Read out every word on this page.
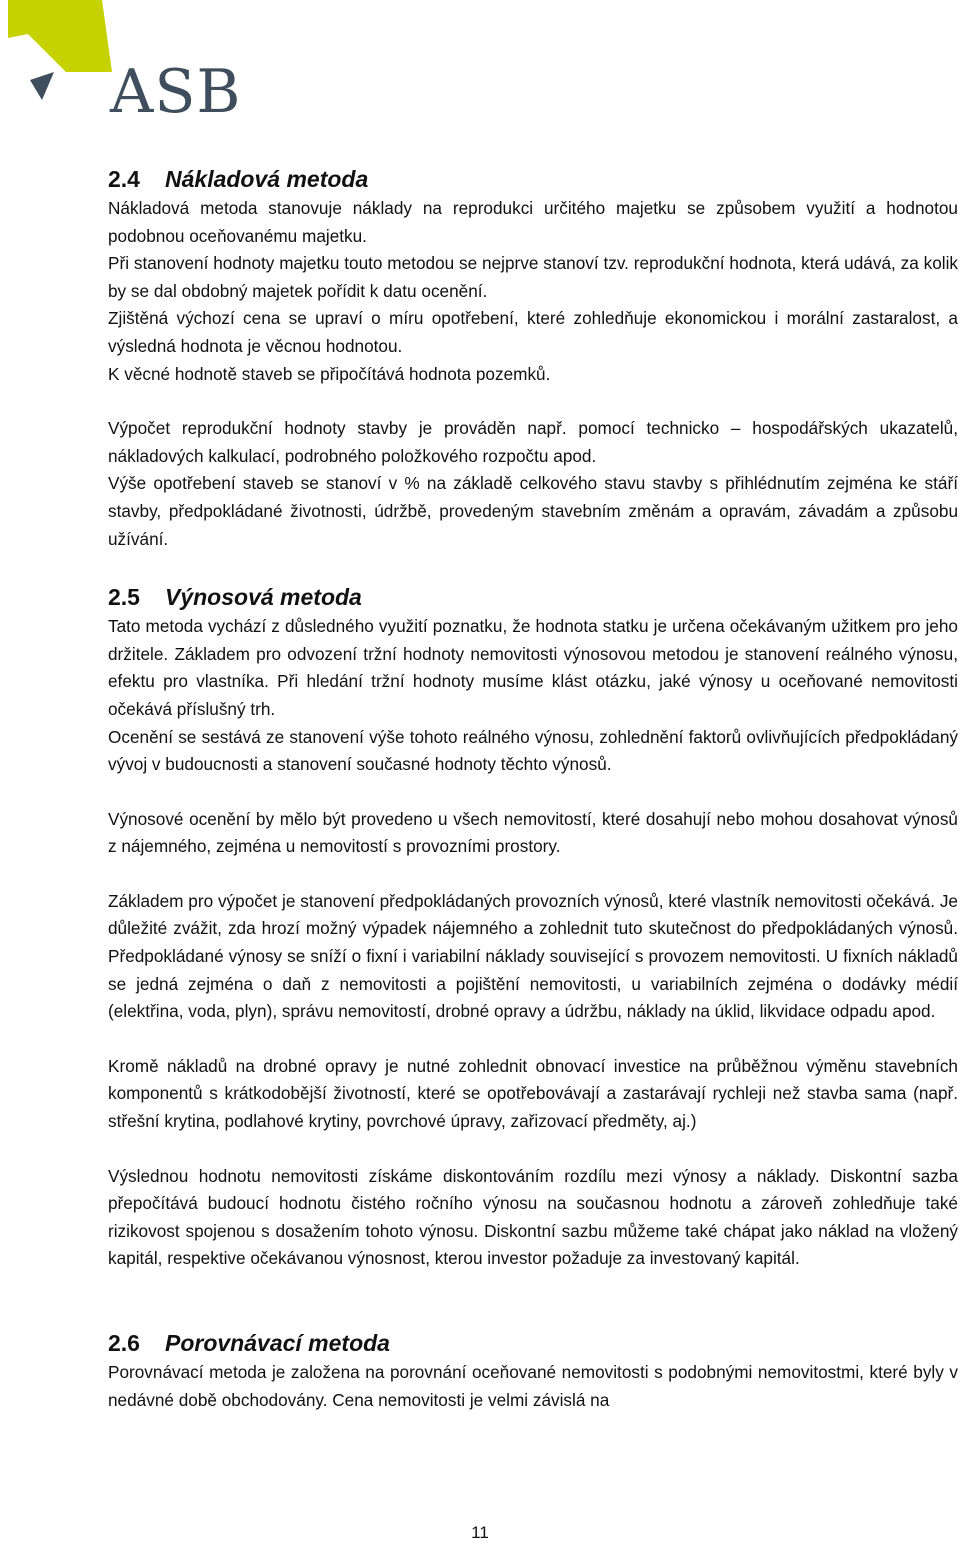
ASB
2.4 Nákladová metoda

Nákladová metoda stanovuje náklady na reprodukci určitého majetku se způsobem využití a hodnotou podobnou oceňovanému majetku.

Při stanovení hodnoty majetku touto metodou se nejprve stanoví tzv. reprodukční hodnota, která udává, za kolik by se dal obdobný majetek pořídit k datu ocenění.

Zjištěná výchozí cena se upraví o míru opotřebení, které zohledňuje ekonomickou i morální zastaralost, a výsledná hodnota je věcnou hodnotou.

K věcné hodnotě staveb se připočítává hodnota pozemků.

Výpočet reprodukční hodnoty stavby je prováděn např. pomocí technicko – hospodářských ukazatelů, nákladových kalkulací, podrobného položkového rozpočtu apod.

Výše opotřebení staveb se stanoví v % na základě celkového stavu stavby s přihlédnutím zejména ke stáří stavby, předpokládané životnosti, údržbě, provedeným stavebním změnám a opravám, závadám a způsobu užívání.

2.5 Výnosová metoda

Tato metoda vychází z důsledného využití poznatku, že hodnota statku je určena očekávaným užitkem pro jeho držitele. Základem pro odvození tržní hodnoty nemovitosti výnosovou metodou je stanovení reálného výnosu, efektu pro vlastníka. Při hledání tržní hodnoty musíme klást otázku, jaké výnosy u oceňované nemovitosti očekává příslušný trh.

Ocenění se sestává ze stanovení výše tohoto reálného výnosu, zohlednění faktorů ovlivňujících předpokládaný vývoj v budoucnosti a stanovení současné hodnoty těchto výnosů.

Výnosové ocenění by mělo být provedeno u všech nemovitostí, které dosahují nebo mohou dosahovat výnosů z nájemného, zejména u nemovitostí s provozními prostory.

Základem pro výpočet je stanovení předpokládaných provozních výnosů, které vlastník nemovitosti očekává. Je důležité zvážit, zda hrozí možný výpadek nájemného a zohlednit tuto skutečnost do předpokládaných výnosů. Předpokládané výnosy se sníží o fixní i variabilní náklady související s provozem nemovitosti. U fixních nákladů se jedná zejména o daň z nemovitosti a pojištění nemovitosti, u variabilních zejména o dodávky médií (elektřina, voda, plyn), správu nemovitostí, drobné opravy a údržbu, náklady na úklid, likvidace odpadu apod.

Kromě nákladů na drobné opravy je nutné zohlednit obnovací investice na průběžnou výměnu stavebních komponentů s krátkodobější životností, které se opotřebovávají a zastarávají rychleji než stavba sama (např. střešní krytina, podlahové krytiny, povrchové úpravy, zařizovací předměty, aj.)

Výslednou hodnotu nemovitosti získáme diskontováním rozdílu mezi výnosy a náklady. Diskontní sazba přepočítává budoucí hodnotu čistého ročního výnosu na současnou hodnotu a zároveň zohledňuje také rizikovost spojenou s dosažením tohoto výnosu. Diskontní sazbu můžeme také chápat jako náklad na vložený kapitál, respektive očekávanou výnosnost, kterou investor požaduje za investovaný kapitál.

2.6 Porovnávací metoda

Porovnávací metoda je založena na porovnání oceňované nemovitosti s podobnými nemovitostmi, které byly v nedávné době obchodovány. Cena nemovitosti je velmi závislá na

11
